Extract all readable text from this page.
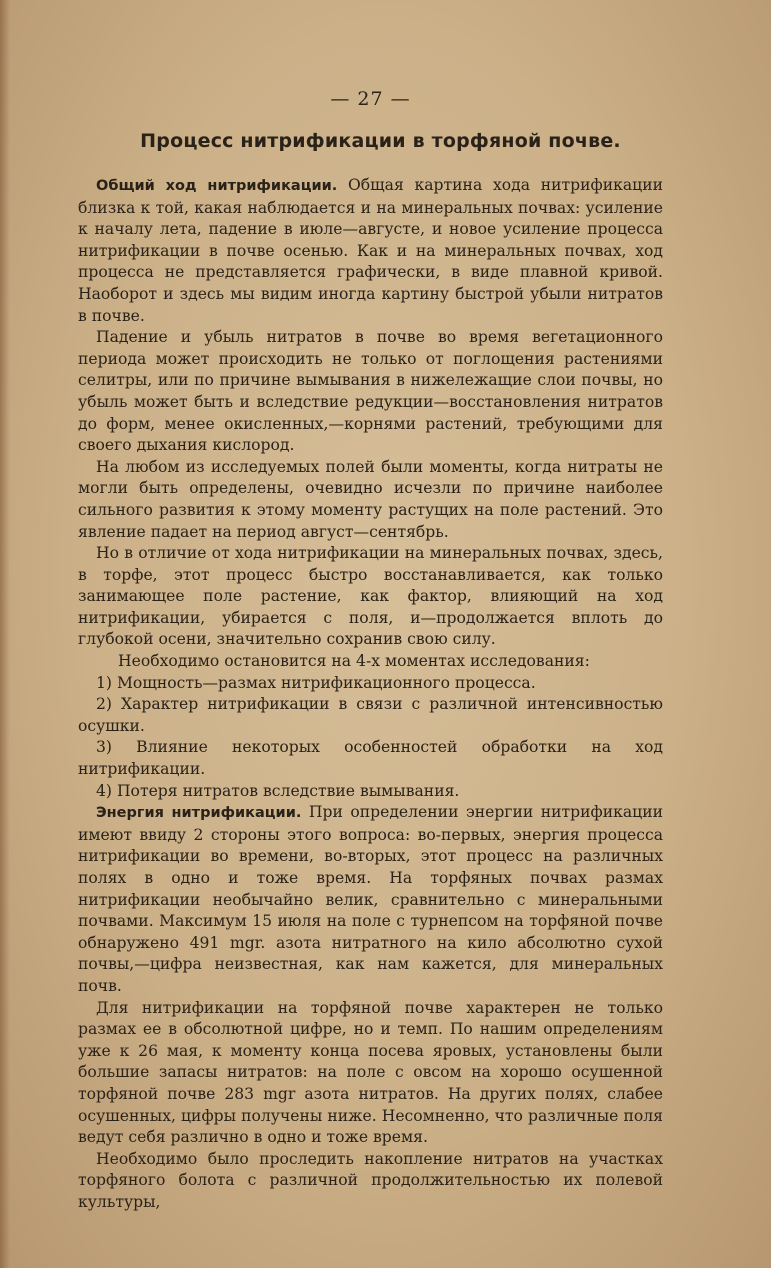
— 27 —
Процесс нитрификации в торфяной почве.

Общий ход нитрификации. Общая картина хода нитрификации близка к той, какая наблюдается и на минеральных почвах: усиление к началу лета, падение в июле—августе, и новое усиление процесса нитрификации в почве осенью. Как и на минеральных почвах, ход процесса не представляется графически, в виде плавной кривой. Наоборот и здесь мы видим иногда картину быстрой убыли нитратов в почве.

Падение и убыль нитратов в почве во время вегетационного периода может происходить не только от поглощения растениями селитры, или по причине вымывания в нижележащие слои почвы, но убыль может быть и вследствие редукции—восстановления нитратов до форм, менее окисленных,—корнями растений, требующими для своего дыхания кислород.

На любом из исследуемых полей были моменты, когда нитраты не могли быть определены, очевидно исчезли по причине наиболее сильного развития к этому моменту растущих на поле растений. Это явление падает на период август—сентябрь.

Но в отличие от хода нитрификации на минеральных почвах, здесь, в торфе, этот процесс быстро восстанавливается, как только занимающее поле растение, как фактор, влияющий на ход нитрификации, убирается с поля, и—продолжается вплоть до глубокой осени, значительно сохранив свою силу.

Необходимо остановится на 4-х моментах исследования:

1) Мощность—размах нитрификационного процесса.

2) Характер нитрификации в связи с различной интенсивностью осушки.

3) Влияние некоторых особенностей обработки на ход нитрификации.

4) Потеря нитратов вследствие вымывания.

Энергия нитрификации. При определении энергии нитрификации имеют ввиду 2 стороны этого вопроса: во-первых, энергия процесса нитрификации во времени, во-вторых, этот процесс на различных полях в одно и тоже время. На торфяных почвах размах нитрификации необычайно велик, сравнительно с минеральными почвами. Максимум 15 июля на поле с турнепсом на торфяной почве обнаружено 491 mgr. азота нитратного на кило абсолютно сухой почвы,—цифра неизвестная, как нам кажется, для минеральных почв.

Для нитрификации на торфяной почве характерен не только размах ее в обсолютной цифре, но и темп. По нашим определениям уже к 26 мая, к моменту конца посева яровых, установлены были большие запасы нитратов: на поле с овсом на хорошо осушенной торфяной почве 283 mgr азота нитратов. На других полях, слабее осушенных, цифры получены ниже. Несомненно, что различные поля ведут себя различно в одно и тоже время.

Необходимо было проследить накопление нитратов на участках торфяного болота с различной продолжительностью их полевой культуры,
